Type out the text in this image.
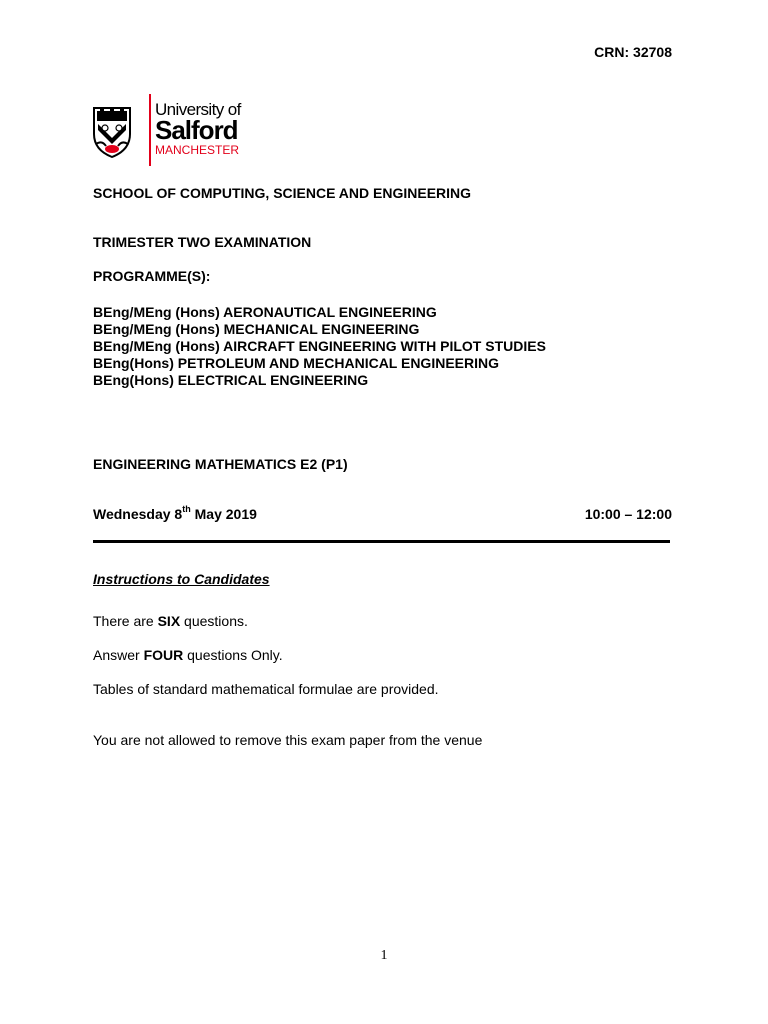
CRN: 32708
University of
Salford
MANCHESTER
SCHOOL OF COMPUTING, SCIENCE AND ENGINEERING
TRIMESTER TWO EXAMINATION
PROGRAMME(S):
BEng/MEng (Hons) AERONAUTICAL ENGINEERING
BEng/MEng (Hons) MECHANICAL ENGINEERING
BEng/MEng (Hons) AIRCRAFT ENGINEERING WITH PILOT STUDIES
BEng(Hons) PETROLEUM AND MECHANICAL ENGINEERING
BEng(Hons) ELECTRICAL ENGINEERING
ENGINEERING MATHEMATICS E2 (P1)
Wednesday 8th May 2019	10:00 – 12:00
Instructions to Candidates
There are SIX questions.
Answer FOUR questions Only.
Tables of standard mathematical formulae are provided.
You are not allowed to remove this exam paper from the venue
1
